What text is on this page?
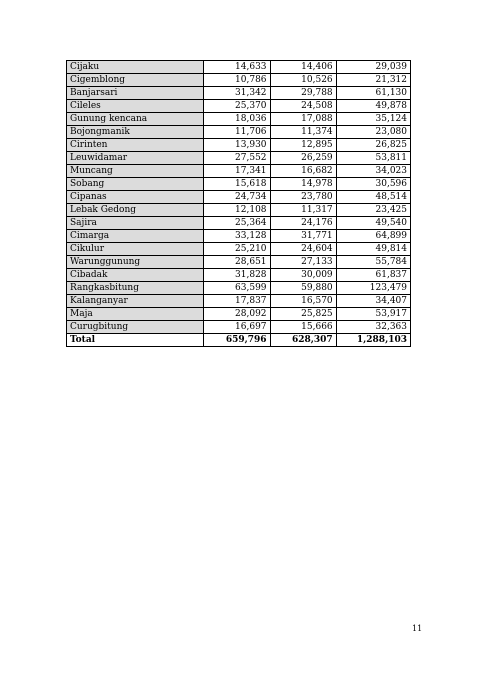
Cijaku	14,633	14,406	29,039
Cigemblong	10,786	10,526	21,312
Banjarsari	31,342	29,788	61,130
Cileles	25,370	24,508	49,878
Gunung kencana	18,036	17,088	35,124
Bojongmanik	11,706	11,374	23,080
Cirinten	13,930	12,895	26,825
Leuwidamar	27,552	26,259	53,811
Muncang	17,341	16,682	34,023
Sobang	15,618	14,978	30,596
Cipanas	24,734	23,780	48,514
Lebak Gedong	12,108	11,317	23,425
Sajira	25,364	24,176	49,540
Cimarga	33,128	31,771	64,899
Cikulur	25,210	24,604	49,814
Warunggunung	28,651	27,133	55,784
Cibadak	31,828	30,009	61,837
Rangkasbitung	63,599	59,880	123,479
Kalanganyar	17,837	16,570	34,407
Maja	28,092	25,825	53,917
Curugbitung	16,697	15,666	32,363
Total	659,796	628,307	1,288,103
11
